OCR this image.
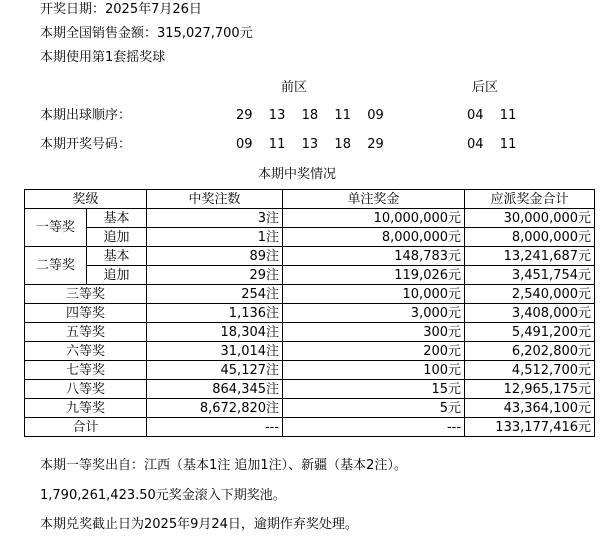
开奖日期：2025年7月26日
本期全国销售金额：315,027,700元
本期使用第1套摇奖球
前区	后区
本期出球顺序：	29  13  18  11  09	04  11
本期开奖号码：	09  11  13  18  29	04  11
本期中奖情况
奖级		中奖注数	单注奖金	应派奖金合计
一等奖	基本	3注	10,000,000元	30,000,000元
	追加	1注	8,000,000元	8,000,000元
二等奖	基本	89注	148,783元	13,241,687元
	追加	29注	119,026元	3,451,754元
三等奖		254注	10,000元	2,540,000元
四等奖		1,136注	3,000元	3,408,000元
五等奖		18,304注	300元	5,491,200元
六等奖		31,014注	200元	6,202,800元
七等奖		45,127注	100元	4,512,700元
八等奖		864,345注	15元	12,965,175元
九等奖		8,672,820注	5元	43,364,100元
合计		---	---	133,177,416元
本期一等奖出自：江西（基本1注 追加1注）、新疆（基本2注）。
1,790,261,423.50元奖金滚入下期奖池。
本期兑奖截止日为2025年9月24日，逾期作弃奖处理。
